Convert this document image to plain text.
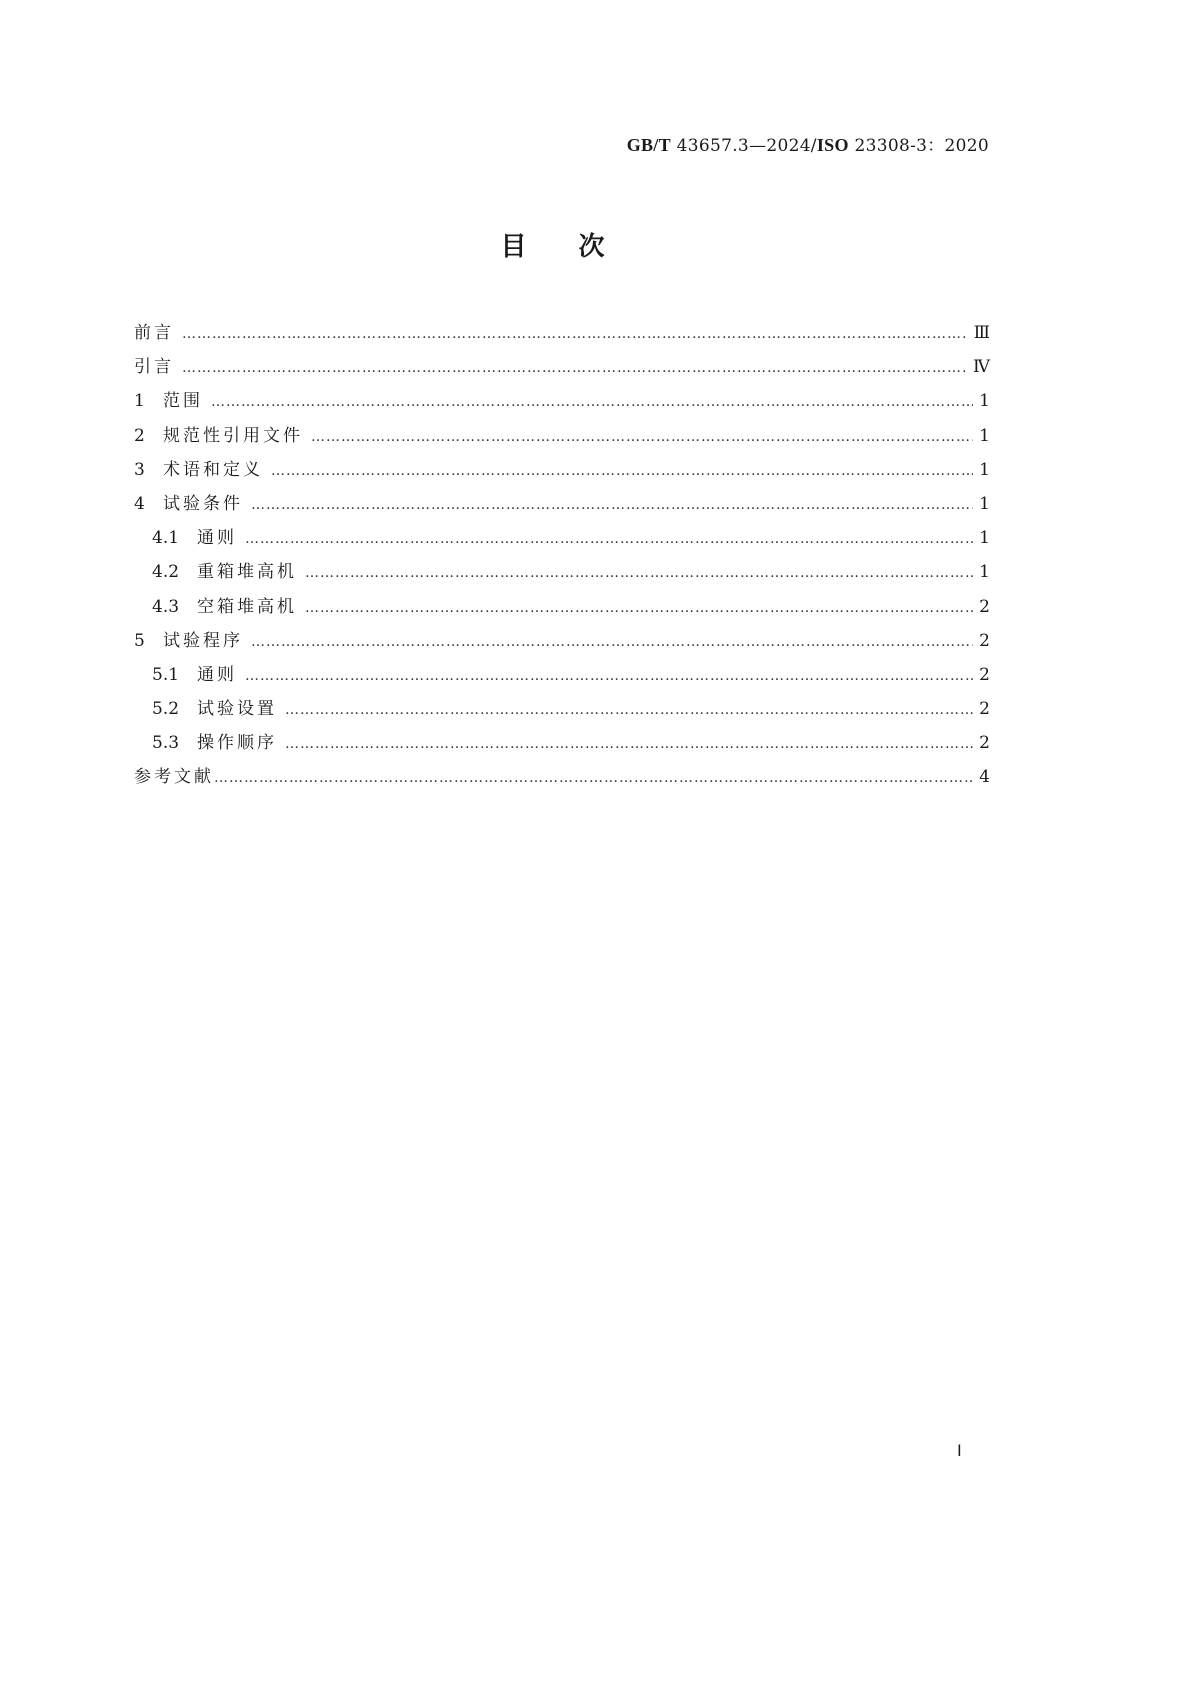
GB/T 43657.3—2024/ISO 23308-3：2020
目 次
前言 ……………………………………………………………………………………………………………………………………………………………………………………………………………………	Ⅲ
引言 ……………………………………………………………………………………………………………………………………………………………………………………………………………………	Ⅳ
1	范围 ……………………………………………………………………………………………………………………………………………………………………………………………………………………	1
2	规范性引用文件 ……………………………………………………………………………………………………………………………………………………………………………………………………………………	1
3	术语和定义 ……………………………………………………………………………………………………………………………………………………………………………………………………………………	1
4	试验条件 ……………………………………………………………………………………………………………………………………………………………………………………………………………………	1
4.1	通则 ……………………………………………………………………………………………………………………………………………………………………………………………………………………	1
4.2	重箱堆高机 ……………………………………………………………………………………………………………………………………………………………………………………………………………………	1
4.3	空箱堆高机 ……………………………………………………………………………………………………………………………………………………………………………………………………………………	2
5	试验程序 ……………………………………………………………………………………………………………………………………………………………………………………………………………………	2
5.1	通则 ……………………………………………………………………………………………………………………………………………………………………………………………………………………	2
5.2	试验设置 ……………………………………………………………………………………………………………………………………………………………………………………………………………………	2
5.3	操作顺序 ……………………………………………………………………………………………………………………………………………………………………………………………………………………	2
参考文献 ……………………………………………………………………………………………………………………………………………………………………………………………………………………	4
Ⅰ
